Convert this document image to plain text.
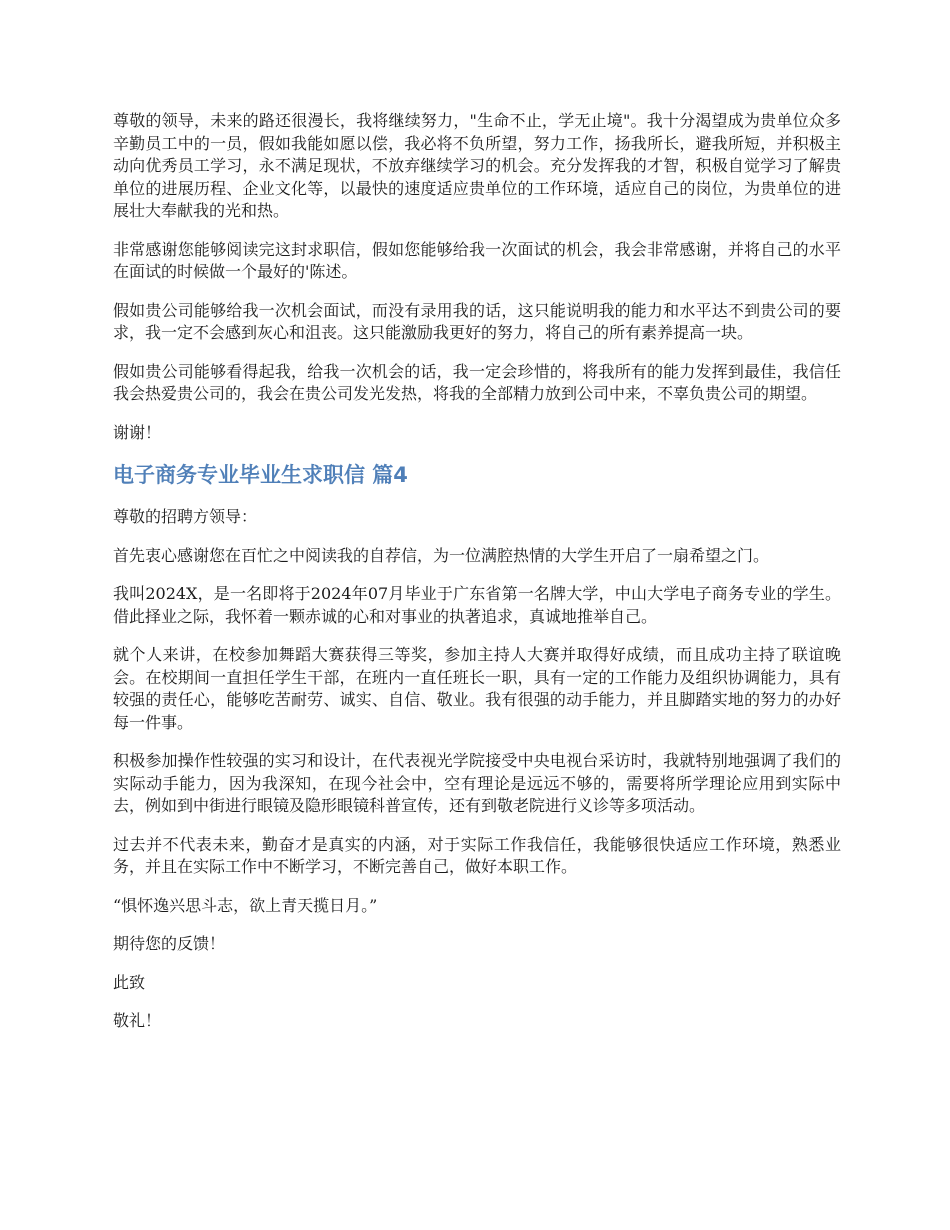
尊敬的领导，未来的路还很漫长，我将继续努力，"生命不止，学无止境"。我十分渴望成为贵单位众多辛勤员工中的一员，假如我能如愿以偿，我必将不负所望，努力工作，扬我所长，避我所短，并积极主动向优秀员工学习，永不满足现状，不放弃继续学习的机会。充分发挥我的才智，积极自觉学习了解贵单位的进展历程、企业文化等，以最快的速度适应贵单位的工作环境，适应自己的岗位，为贵单位的进展壮大奉献我的光和热。

非常感谢您能够阅读完这封求职信，假如您能够给我一次面试的机会，我会非常感谢，并将自己的水平在面试的时候做一个最好的'陈述。

假如贵公司能够给我一次机会面试，而没有录用我的话，这只能说明我的能力和水平达不到贵公司的要求，我一定不会感到灰心和沮丧。这只能激励我更好的努力，将自己的所有素养提高一块。

假如贵公司能够看得起我，给我一次机会的话，我一定会珍惜的，将我所有的能力发挥到最佳，我信任我会热爱贵公司的，我会在贵公司发光发热，将我的全部精力放到公司中来，不辜负贵公司的期望。

谢谢！

电子商务专业毕业生求职信 篇4

尊敬的招聘方领导：

首先衷心感谢您在百忙之中阅读我的自荐信，为一位满腔热情的大学生开启了一扇希望之门。

我叫2024X，是一名即将于2024年07月毕业于广东省第一名牌大学，中山大学电子商务专业的学生。借此择业之际，我怀着一颗赤诚的心和对事业的执著追求，真诚地推举自己。

就个人来讲，在校参加舞蹈大赛获得三等奖，参加主持人大赛并取得好成绩，而且成功主持了联谊晚会。在校期间一直担任学生干部，在班内一直任班长一职，具有一定的工作能力及组织协调能力，具有较强的责任心，能够吃苦耐劳、诚实、自信、敬业。我有很强的动手能力，并且脚踏实地的努力的办好每一件事。

积极参加操作性较强的实习和设计，在代表视光学院接受中央电视台采访时，我就特别地强调了我们的实际动手能力，因为我深知，在现今社会中，空有理论是远远不够的，需要将所学理论应用到实际中去，例如到中街进行眼镜及隐形眼镜科普宣传，还有到敬老院进行义诊等多项活动。

过去并不代表未来，勤奋才是真实的内涵，对于实际工作我信任，我能够很快适应工作环境，熟悉业务，并且在实际工作中不断学习，不断完善自己，做好本职工作。

“惧怀逸兴思斗志，欲上青天揽日月。”

期待您的反馈！

此致

敬礼！
